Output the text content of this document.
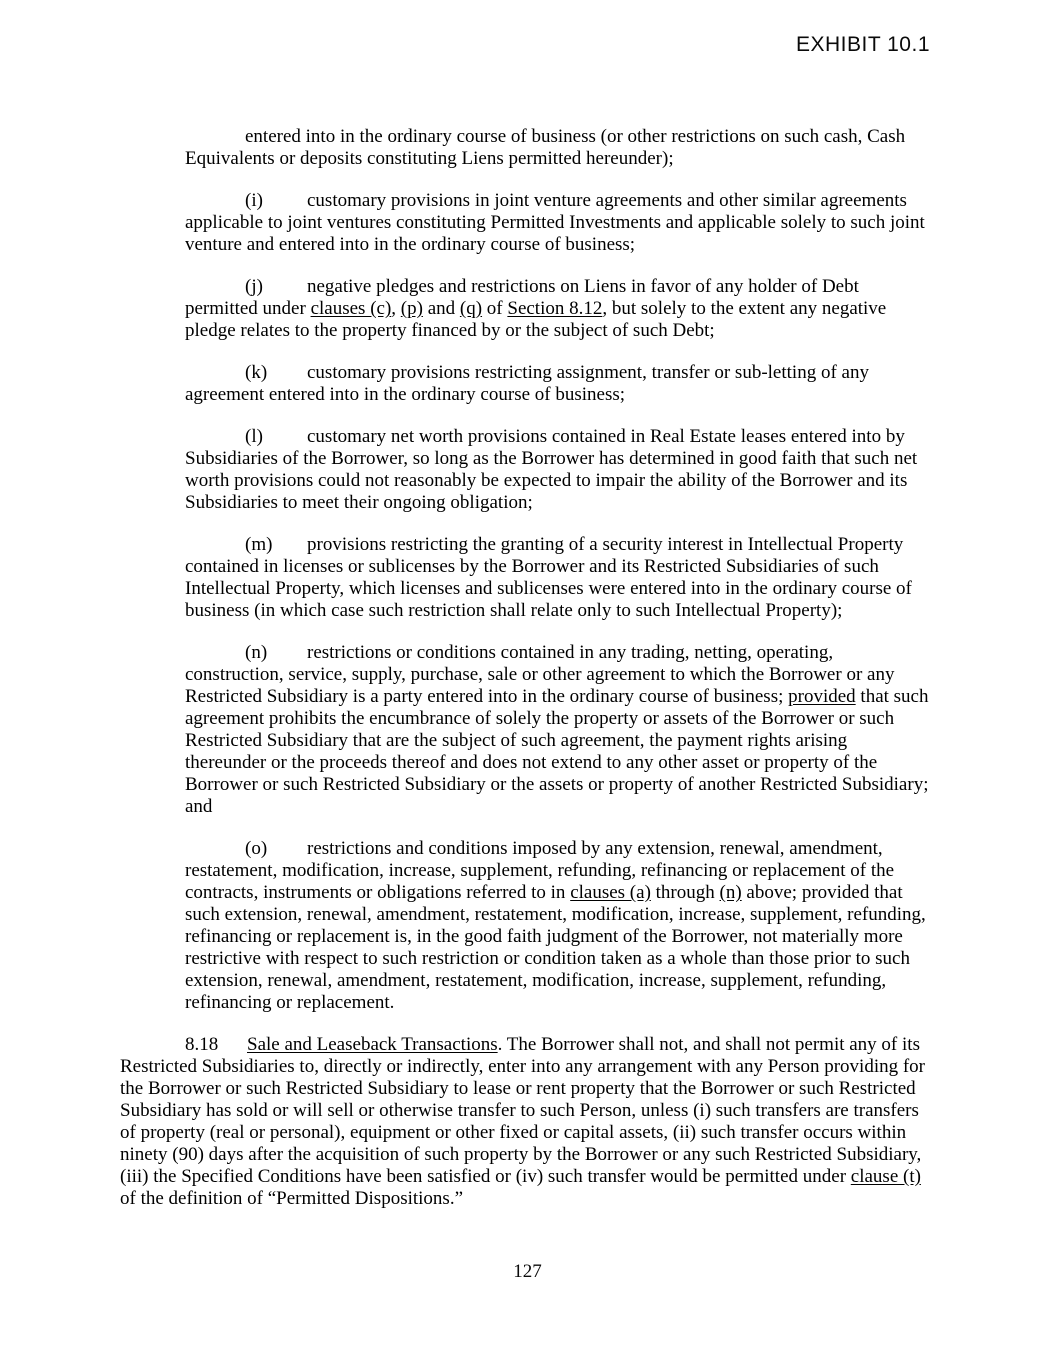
EXHIBIT 10.1

entered into in the ordinary course of business (or other restrictions on such cash, Cash Equivalents or deposits constituting Liens permitted hereunder);

(i) customary provisions in joint venture agreements and other similar agreements applicable to joint ventures constituting Permitted Investments and applicable solely to such joint venture and entered into in the ordinary course of business;

(j) negative pledges and restrictions on Liens in favor of any holder of Debt permitted under clauses (c), (p) and (q) of Section 8.12, but solely to the extent any negative pledge relates to the property financed by or the subject of such Debt;

(k) customary provisions restricting assignment, transfer or sub-letting of any agreement entered into in the ordinary course of business;

(l) customary net worth provisions contained in Real Estate leases entered into by Subsidiaries of the Borrower, so long as the Borrower has determined in good faith that such net worth provisions could not reasonably be expected to impair the ability of the Borrower and its Subsidiaries to meet their ongoing obligation;

(m) provisions restricting the granting of a security interest in Intellectual Property contained in licenses or sublicenses by the Borrower and its Restricted Subsidiaries of such Intellectual Property, which licenses and sublicenses were entered into in the ordinary course of business (in which case such restriction shall relate only to such Intellectual Property);

(n) restrictions or conditions contained in any trading, netting, operating, construction, service, supply, purchase, sale or other agreement to which the Borrower or any Restricted Subsidiary is a party entered into in the ordinary course of business; provided that such agreement prohibits the encumbrance of solely the property or assets of the Borrower or such Restricted Subsidiary that are the subject of such agreement, the payment rights arising thereunder or the proceeds thereof and does not extend to any other asset or property of the Borrower or such Restricted Subsidiary or the assets or property of another Restricted Subsidiary; and

(o) restrictions and conditions imposed by any extension, renewal, amendment, restatement, modification, increase, supplement, refunding, refinancing or replacement of the contracts, instruments or obligations referred to in clauses (a) through (n) above; provided that such extension, renewal, amendment, restatement, modification, increase, supplement, refunding, refinancing or replacement is, in the good faith judgment of the Borrower, not materially more restrictive with respect to such restriction or condition taken as a whole than those prior to such extension, renewal, amendment, restatement, modification, increase, supplement, refunding, refinancing or replacement.

8.18 Sale and Leaseback Transactions. The Borrower shall not, and shall not permit any of its Restricted Subsidiaries to, directly or indirectly, enter into any arrangement with any Person providing for the Borrower or such Restricted Subsidiary to lease or rent property that the Borrower or such Restricted Subsidiary has sold or will sell or otherwise transfer to such Person, unless (i) such transfers are transfers of property (real or personal), equipment or other fixed or capital assets, (ii) such transfer occurs within ninety (90) days after the acquisition of such property by the Borrower or any such Restricted Subsidiary, (iii) the Specified Conditions have been satisfied or (iv) such transfer would be permitted under clause (t) of the definition of “Permitted Dispositions.”

127
